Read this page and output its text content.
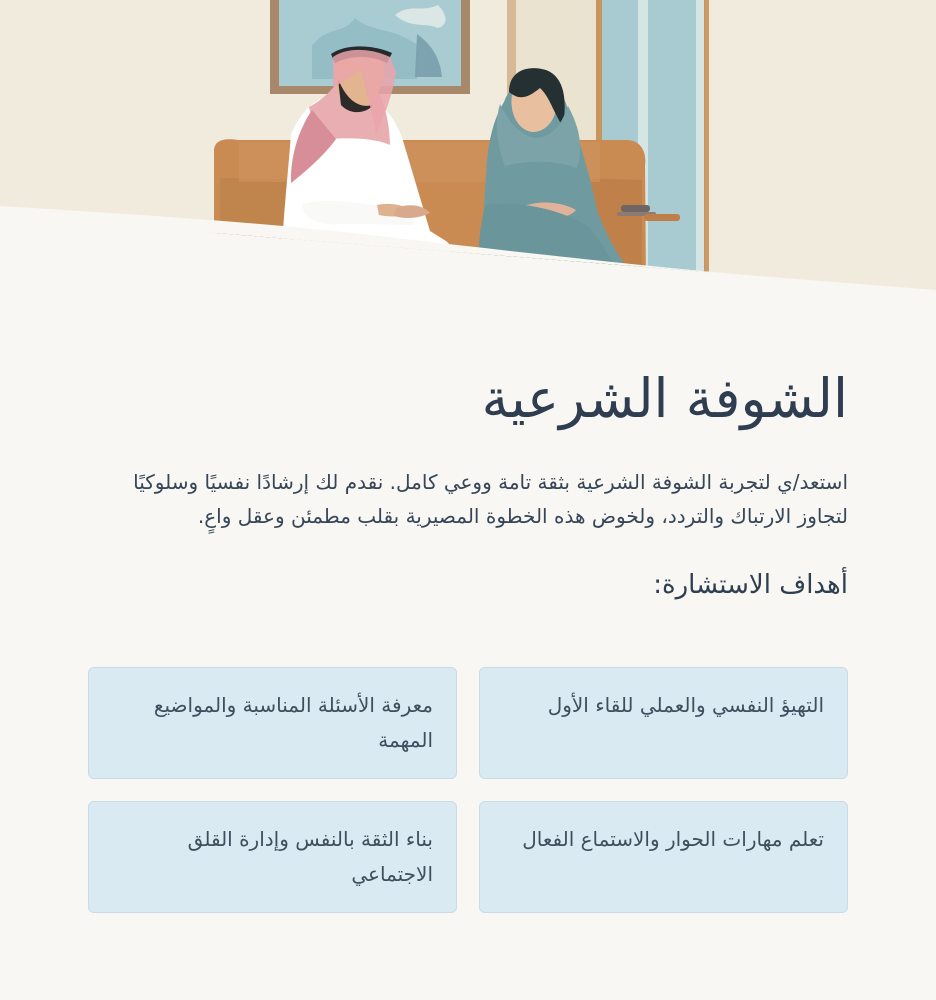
الشوفة الشرعية

استعد/ي لتجربة الشوفة الشرعية بثقة تامة ووعي كامل. نقدم لك إرشادًا نفسيًا وسلوكيًا لتجاوز الارتباك والتردد، ولخوض هذه الخطوة المصيرية بقلب مطمئن وعقل واعٍ.

أهداف الاستشارة:
التهيؤ النفسي والعملي للقاء الأول
معرفة الأسئلة المناسبة والمواضيع المهمة
تعلم مهارات الحوار والاستماع الفعال
بناء الثقة بالنفس وإدارة القلق الاجتماعي
